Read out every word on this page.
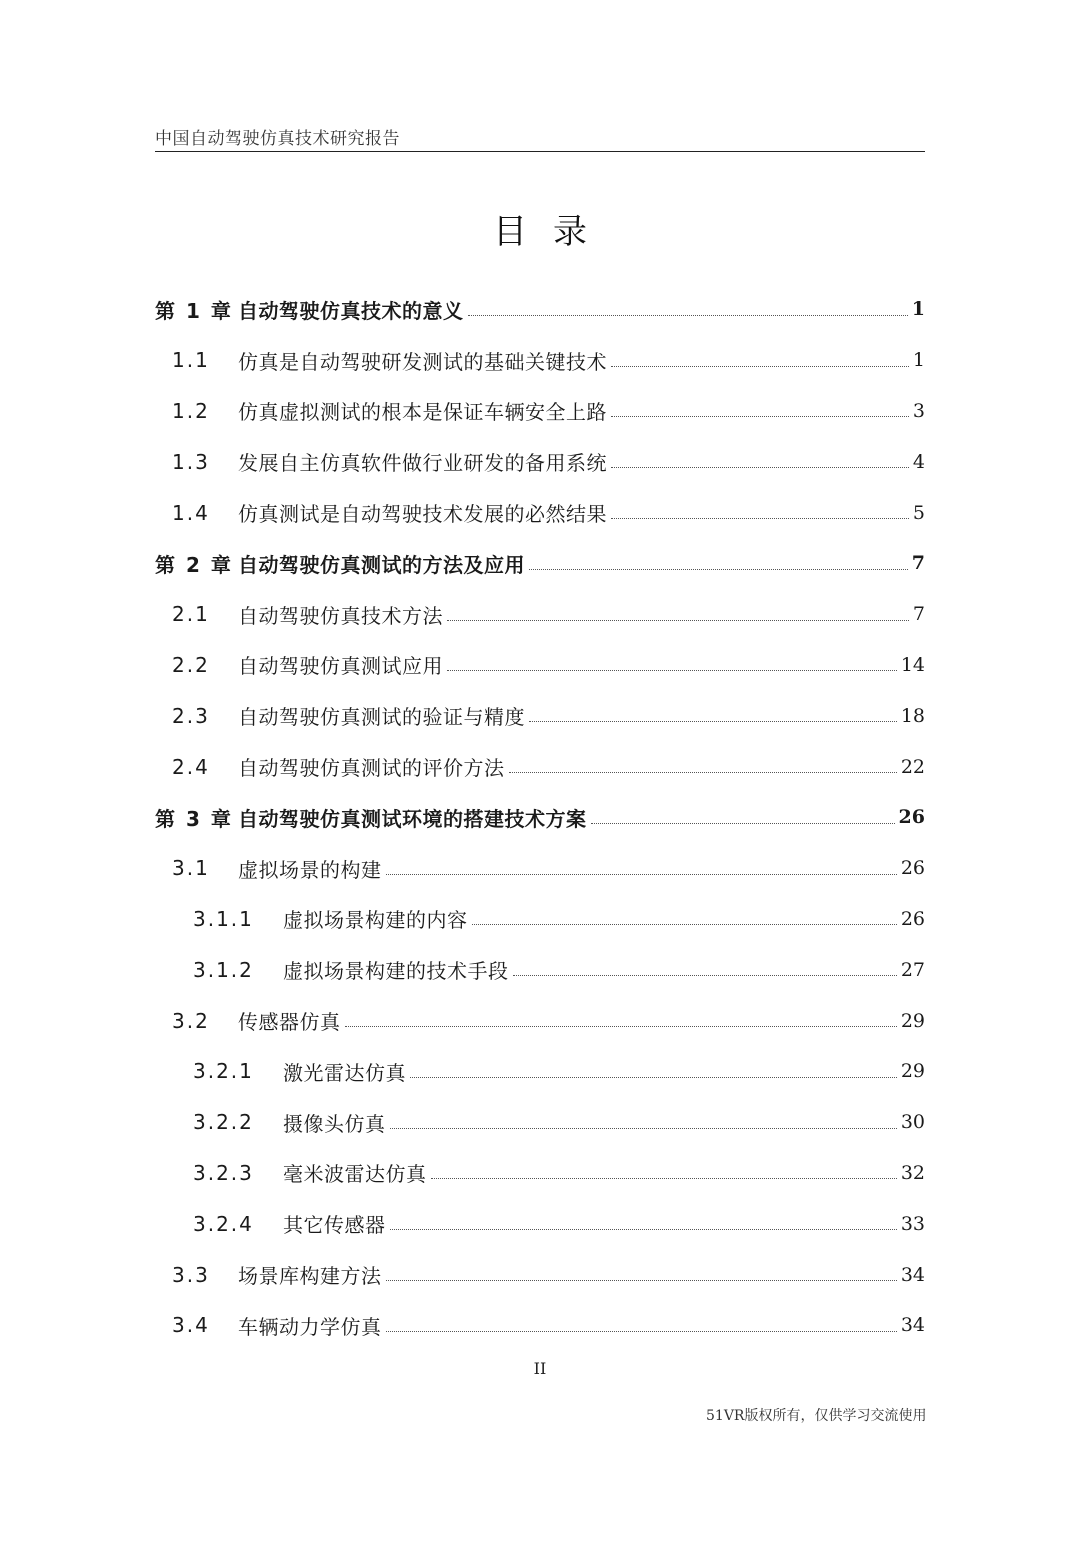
中国自动驾驶仿真技术研究报告
目录
第 1 章 自动驾驶仿真技术的意义	1
1.1	仿真是自动驾驶研发测试的基础关键技术	1
1.2	仿真虚拟测试的根本是保证车辆安全上路	3
1.3	发展自主仿真软件做行业研发的备用系统	4
1.4	仿真测试是自动驾驶技术发展的必然结果	5
第 2 章 自动驾驶仿真测试的方法及应用	7
2.1	自动驾驶仿真技术方法	7
2.2	自动驾驶仿真测试应用	14
2.3	自动驾驶仿真测试的验证与精度	18
2.4	自动驾驶仿真测试的评价方法	22
第 3 章 自动驾驶仿真测试环境的搭建技术方案	26
3.1	虚拟场景的构建	26
3.1.1	虚拟场景构建的内容	26
3.1.2	虚拟场景构建的技术手段	27
3.2	传感器仿真	29
3.2.1	激光雷达仿真	29
3.2.2	摄像头仿真	30
3.2.3	毫米波雷达仿真	32
3.2.4	其它传感器	33
3.3	场景库构建方法	34
3.4	车辆动力学仿真	34
II
51VR版权所有，仅供学习交流使用
